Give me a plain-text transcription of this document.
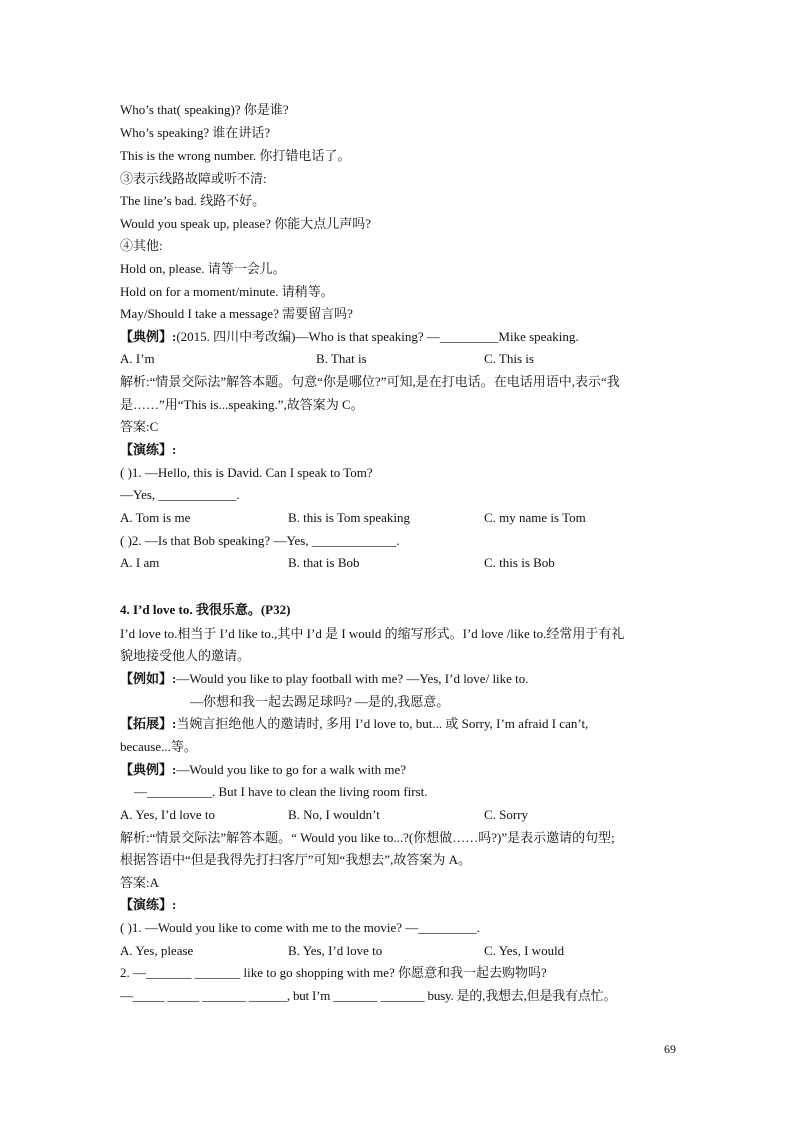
Who’s that( speaking)? 你是谁?
Who’s speaking? 谁在讲话?
This is the wrong number. 你打错电话了。
③表示线路故障或听不清:
The line’s bad. 线路不好。
Would you speak up, please? 你能大点儿声吗?
④其他:
Hold on, please. 请等一会儿。
Hold on for a moment/minute. 请稍等。
May/Should I take a message? 需要留言吗?
【典例】:(2015. 四川中考改编)—Who is that speaking? —_________Mike speaking.
A. I’m	B. That is	C. This is
解析:“情景交际法”解答本题。句意“你是哪位?”可知,是在打电话。在电话用语中,表示“我
是……”用“This is...speaking.”,故答案为 C。
答案:C
【演练】:
( )1. —Hello, this is David. Can I speak to Tom?
—Yes, ____________.
A. Tom is me	B. this is Tom speaking	C. my name is Tom
( )2. —Is that Bob speaking? —Yes, _____________.
A. I am	B. that is Bob	C. this is Bob
4. I’d love to. 我很乐意。(P32)
I’d love to.相当于 I’d like to.,其中 I’d 是 I would 的缩写形式。I’d love /like to.经常用于有礼
貌地接受他人的邀请。
【例如】:—Would you like to play football with me? —Yes, I’d love/ like to.
—你想和我一起去踢足球吗? —是的,我愿意。
【拓展】:当婉言拒绝他人的邀请时, 多用 I’d love to, but... 或 Sorry, I’m afraid I can’t,
because...等。
【典例】:—Would you like to go for a walk with me?
—__________. But I have to clean the living room first.
A. Yes, I’d love to	B. No, I wouldn’t	C. Sorry
解析:“情景交际法”解答本题。“ Would you like to...?(你想做……吗?)”是表示邀请的句型;
根据答语中“但是我得先打扫客厅”可知“我想去”,故答案为 A。
答案:A
【演练】:
( )1. —Would you like to come with me to the movie? —_________.
A. Yes, please	B. Yes, I’d love to	C. Yes, I would
2. —_______ _______ like to go shopping with me? 你愿意和我一起去购物吗?
—_____ _____ _______ ______, but I’m _______ _______ busy. 是的,我想去,但是我有点忙。
69
